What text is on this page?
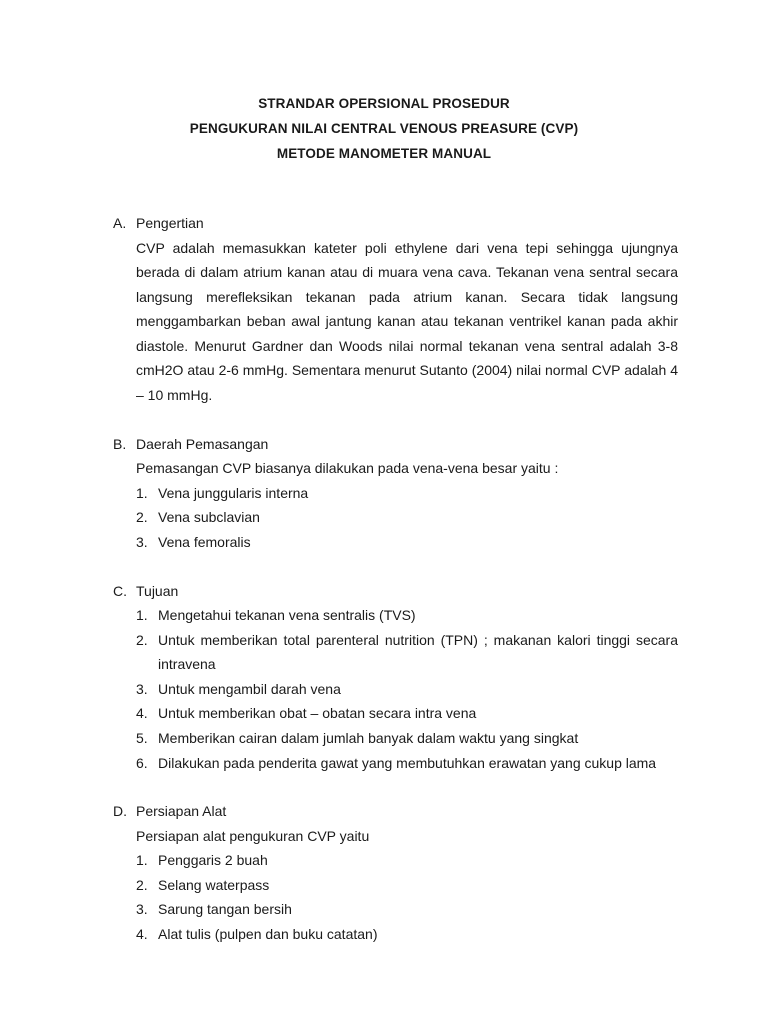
STRANDAR OPERSIONAL PROSEDUR
PENGUKURAN NILAI CENTRAL VENOUS PREASURE (CVP)
METODE MANOMETER MANUAL
A. Pengertian
CVP adalah memasukkan kateter poli ethylene dari vena tepi sehingga ujungnya berada di dalam atrium kanan atau di muara vena cava. Tekanan vena sentral secara langsung merefleksikan tekanan pada atrium kanan. Secara tidak langsung menggambarkan beban awal jantung kanan atau tekanan ventrikel kanan pada akhir diastole. Menurut Gardner dan Woods nilai normal tekanan vena sentral adalah 3-8 cmH2O atau 2-6 mmHg. Sementara menurut Sutanto (2004) nilai normal CVP adalah 4 – 10 mmHg.
B. Daerah Pemasangan
Pemasangan CVP biasanya dilakukan pada vena-vena besar yaitu :
1. Vena junggularis interna
2. Vena subclavian
3. Vena femoralis
C. Tujuan
1. Mengetahui tekanan vena sentralis (TVS)
2. Untuk memberikan total parenteral nutrition (TPN) ; makanan kalori tinggi secara intravena
3. Untuk mengambil darah vena
4. Untuk memberikan obat – obatan secara intra vena
5. Memberikan cairan dalam jumlah banyak dalam waktu yang singkat
6. Dilakukan pada penderita gawat yang membutuhkan erawatan yang cukup lama
D. Persiapan Alat
Persiapan alat pengukuran CVP yaitu
1. Penggaris 2 buah
2. Selang waterpass
3. Sarung tangan bersih
4. Alat tulis (pulpen dan buku catatan)
